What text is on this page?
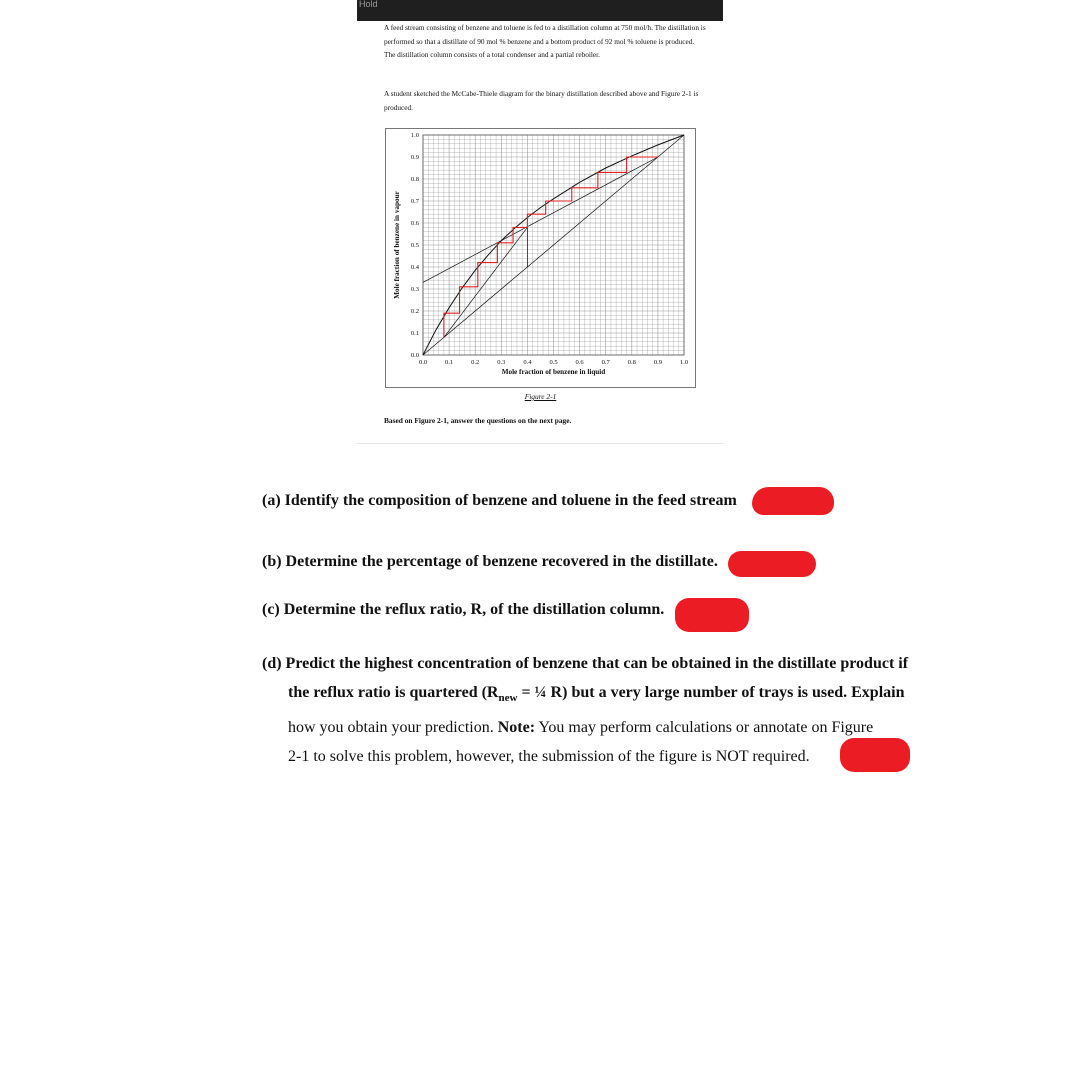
Hold

A feed stream consisting of benzene and toluene is fed to a distillation column at 750 mol/h. The distillation is performed so that a distillate of 90 mol % benzene and a bottom product of 92 mol % toluene is produced. The distillation column consists of a total condenser and a partial reboiler.

A student sketched the McCabe-Thiele diagram for the binary distillation described above and Figure 2-1 is produced.

Based on Figure 2-1, answer the questions on the next page.

0.0	0.1	0.2	0.3	0.4	0.5	0.6	0.7	0.8	0.9	1.0
0.0
0.1
0.2
0.3
0.4
0.5
0.6
0.7
0.8
0.9
1.0
Mole fraction of benzene in liquid
Mole fraction of benzene in vapour
Figure 2-1

(a) Identify the composition of benzene and toluene in the feed stream

(b) Determine the percentage of benzene recovered in the distillate.

(c) Determine the reflux ratio, R, of the distillation column.

(d) Predict the highest concentration of benzene that can be obtained in the distillate product if
the reflux ratio is quartered ($R_{new}$ = ¼ R) but a very large number of trays is used. Explain
how you obtain your prediction. Note: You may perform calculations or annotate on Figure
2-1 to solve this problem, however, the submission of the figure is NOT required.
